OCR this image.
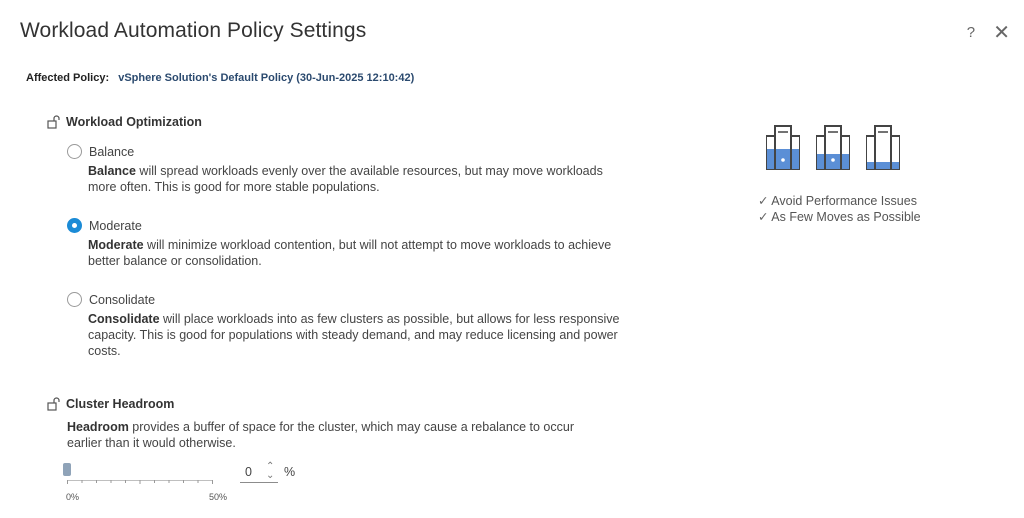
Workload Automation Policy Settings	? ✕
Affected Policy: vSphere Solution's Default Policy (30-Jun-2025 12:10:42)
Workload Optimization
Balance
Balance will spread workloads evenly over the available resources, but may move workloads more often. This is good for more stable populations.
Moderate
Moderate will minimize workload contention, but will not attempt to move workloads to achieve better balance or consolidation.
Consolidate
Consolidate will place workloads into as few clusters as possible, but allows for less responsive capacity. This is good for populations with steady demand, and may reduce licensing and power costs.
✓ Avoid Performance Issues
✓ As Few Moves as Possible
Cluster Headroom
Headroom provides a buffer of space for the cluster, which may cause a rebalance to occur earlier than it would otherwise.
0%	50%
0 ⌃
⌄ %
